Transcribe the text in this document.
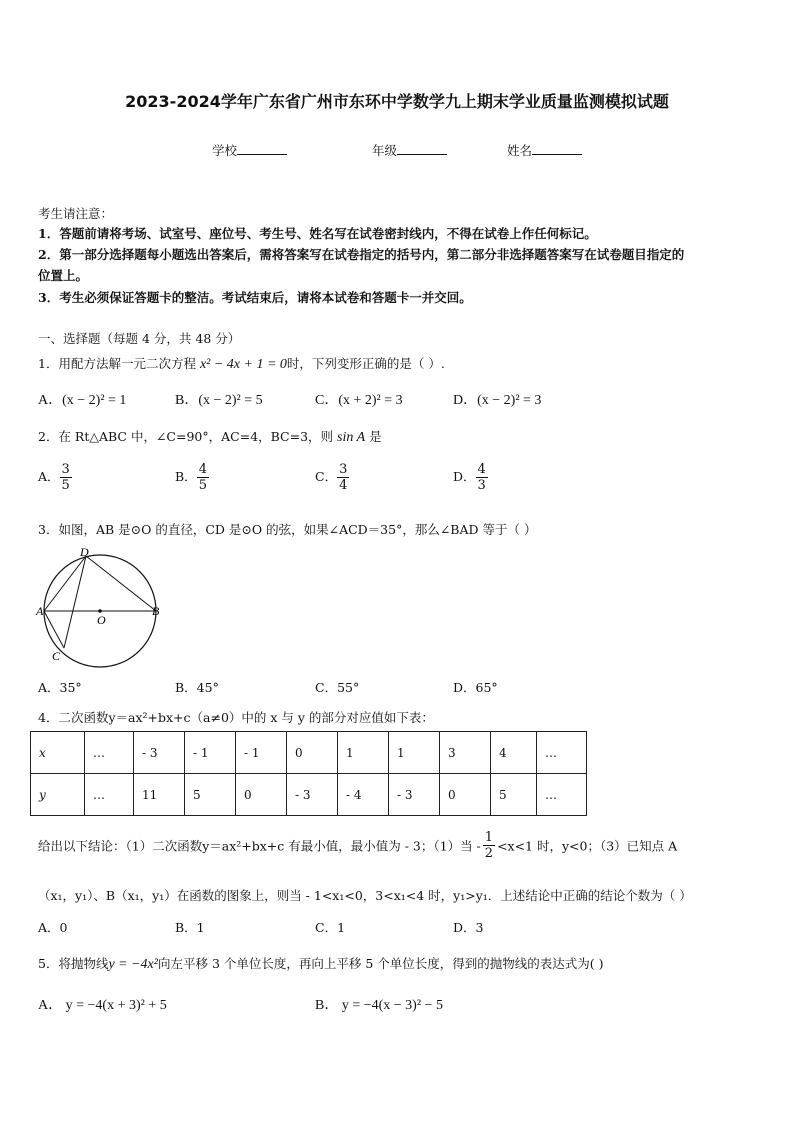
2023-2024学年广东省广州市东环中学数学九上期末学业质量监测模拟试题
学校	年级	姓名
考生请注意：
1．答题前请将考场、试室号、座位号、考生号、姓名写在试卷密封线内，不得在试卷上作任何标记。
2．第一部分选择题每小题选出答案后，需将答案写在试卷指定的括号内，第二部分非选择题答案写在试卷题目指定的
位置上。
3．考生必须保证答题卡的整洁。考试结束后，请将本试卷和答题卡一并交回。
一、选择题（每题 4 分，共 48 分）
1．用配方法解一元二次方程 x² − 4x + 1 = 0时，下列变形正确的是（ ）.
A．(x − 2)² = 1	B．(x − 2)² = 5	C．(x + 2)² = 3	D．(x − 2)² = 3
2．在 Rt△ABC 中，∠C=90°，AC=4，BC=3，则 sin A 是
A． $\frac{3}{5}$	B． $\frac{4}{5}$	C． $\frac{3}{4}$	D． $\frac{4}{3}$
3．如图，AB 是⊙O 的直径，CD 是⊙O 的弦，如果∠ACD＝35°，那么∠BAD 等于（ ）
A	B
D
C
O
A．35°	B．45°	C．55°	D．65°
4．二次函数y＝ax²+bx+c（a≠0）中的 x 与 y 的部分对应值如下表：
x	…	- 3	- 1	- 1	0	1	1	3	4	…
y	…	11	5	0	- 3	- 4	- 3	0	5	…
给出以下结论：（1）二次函数y＝ax²+bx+c 有最小值，最小值为 - 3；（1）当 - $\frac{1}{2} <x<1$ 时，y<0；（3）已知点 A
（x₁，y₁）、B（x₁，y₁）在函数的图象上，则当 - 1<x₁<0，3<x₁<4 时，y₁>y₁．上述结论中正确的结论个数为（ ）
A．0	B．1	C．1	D．3
5．将抛物线y = −4x²向左平移 3 个单位长度，再向上平移 5 个单位长度，得到的抛物线的表达式为( )
A． y = −4(x + 3)² + 5	B． y = −4(x − 3)² − 5
